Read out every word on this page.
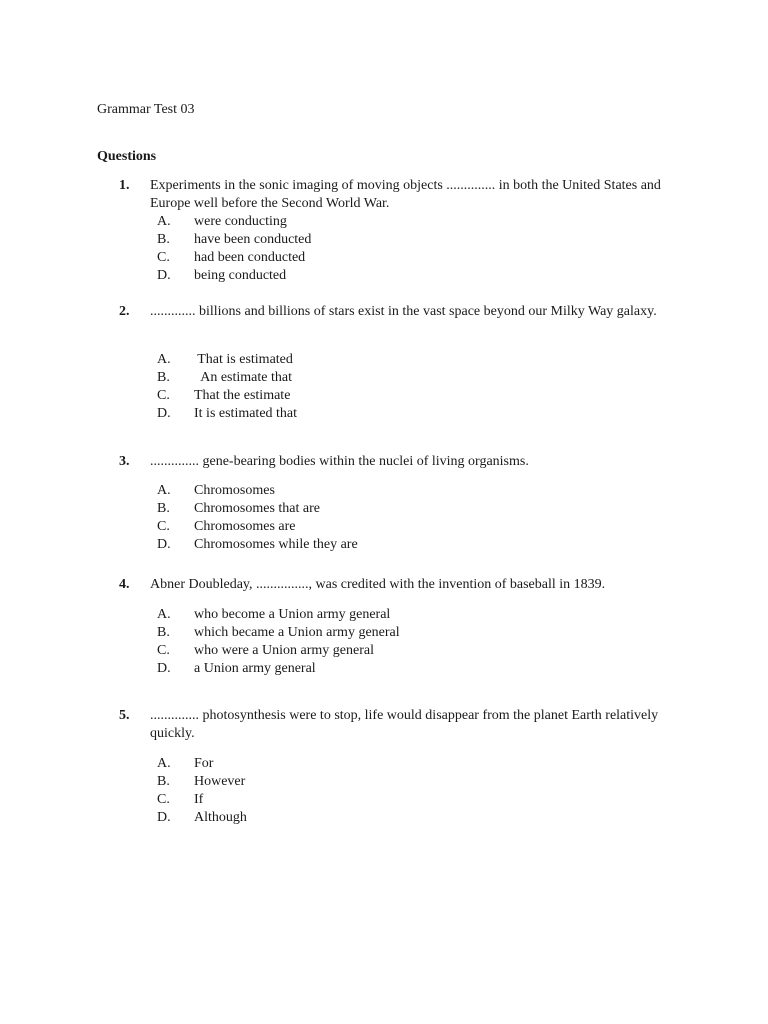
Grammar Test 03
Questions
1. Experiments in the sonic imaging of moving objects .............. in both the United States and Europe well before the Second World War.
A. were conducting
B. have been conducted
C. had been conducted
D. being conducted
2. ............. billions and billions of stars exist in the vast space beyond our Milky Way galaxy.
A. That is estimated
B. An estimate that
C. That the estimate
D. It is estimated that
3. .............. gene-bearing bodies within the nuclei of living organisms.
A. Chromosomes
B. Chromosomes that are
C. Chromosomes are
D. Chromosomes while they are
4. Abner Doubleday, ..............., was credited with the invention of baseball in 1839.
A. who become a Union army general
B. which became a Union army general
C. who were a Union army general
D. a Union army general
5. .............. photosynthesis were to stop, life would disappear from the planet Earth relatively quickly.
A. For
B. However
C. If
D. Although
